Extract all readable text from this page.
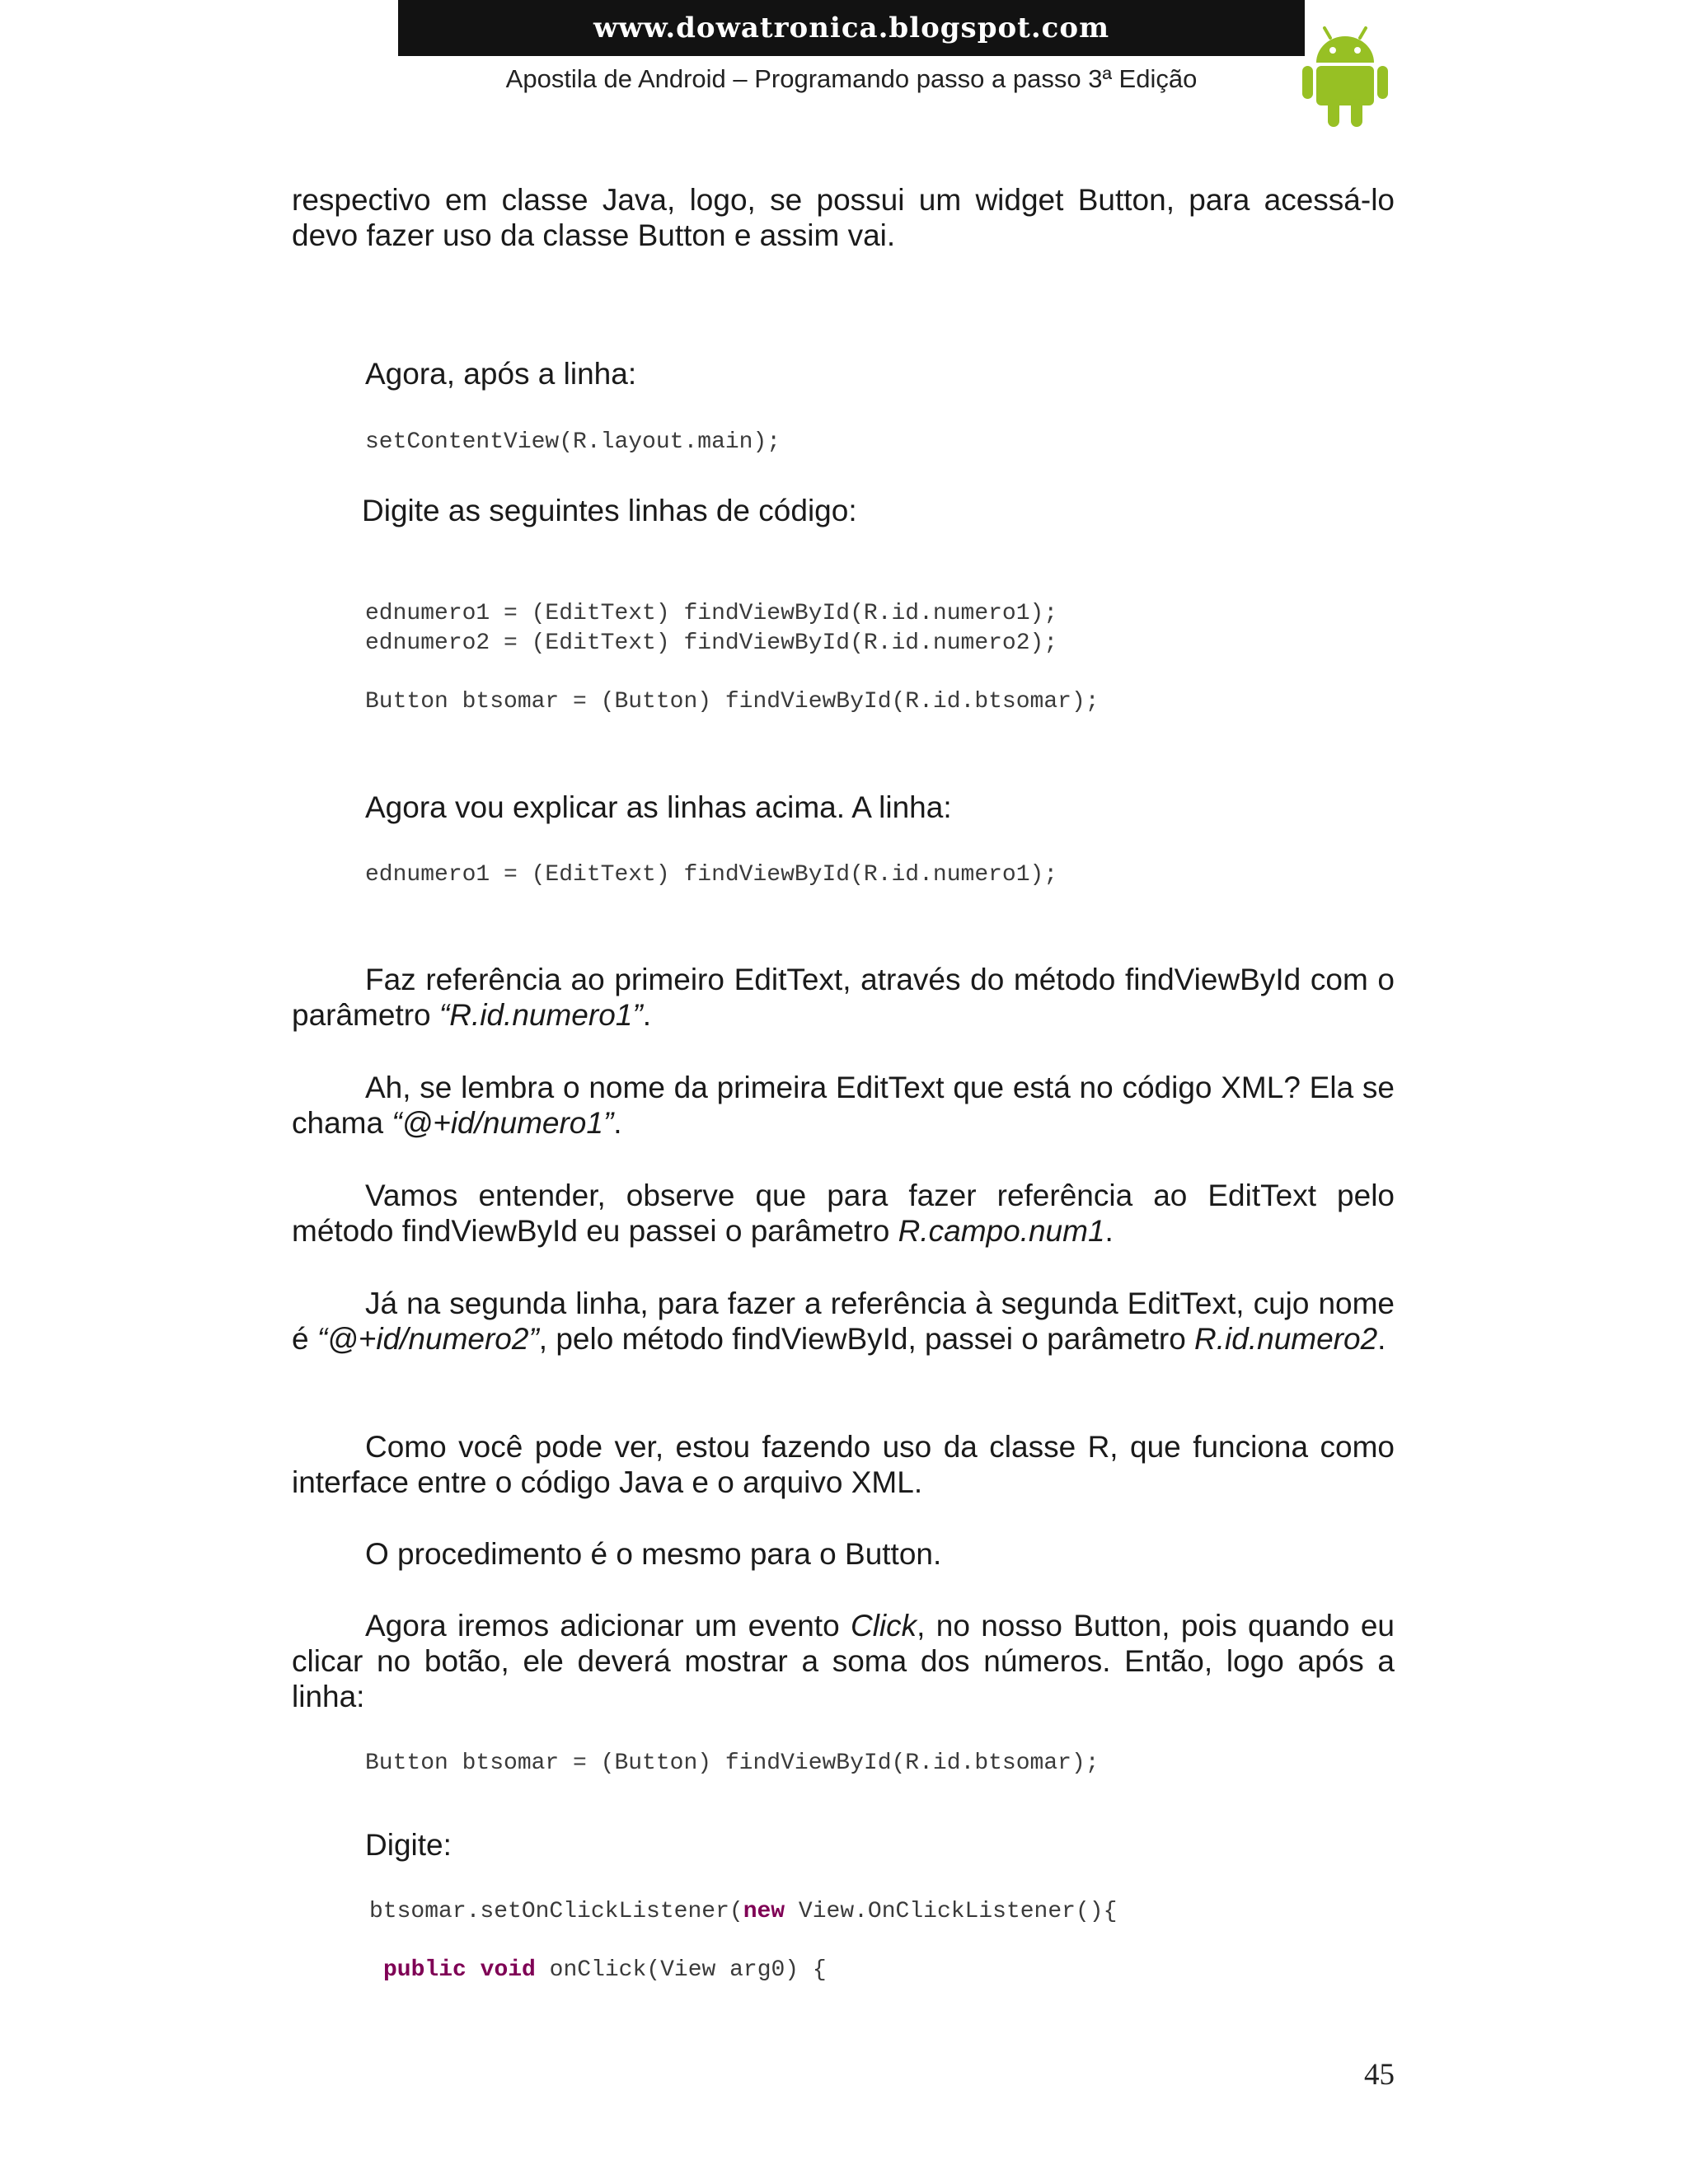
www.dowatronica.blogspot.com
Apostila de Android – Programando passo a passo 3ª Edição

respectivo em classe Java, logo, se possui um widget Button, para acessá-lo devo fazer uso da classe Button e assim vai.

Agora, após a linha:

setContentView(R.layout.main);

Digite as seguintes linhas de código:

ednumero1 = (EditText) findViewById(R.id.numero1);
ednumero2 = (EditText) findViewById(R.id.numero2);
Button btsomar = (Button) findViewById(R.id.btsomar);

Agora vou explicar as linhas acima. A linha:

ednumero1 = (EditText) findViewById(R.id.numero1);

Faz referência ao primeiro EditText, através do método findViewById com o parâmetro “R.id.numero1”.

Ah, se lembra o nome da primeira EditText que está no código XML? Ela se chama “@+id/numero1”.

Vamos entender, observe que para fazer referência ao EditText pelo método findViewById eu passei o parâmetro R.campo.num1.

Já na segunda linha, para fazer a referência à segunda EditText, cujo nome é “@+id/numero2”, pelo método findViewById, passei o parâmetro R.id.numero2.

Como você pode ver, estou fazendo uso da classe R, que funciona como interface entre o código Java e o arquivo XML.

O procedimento é o mesmo para o Button.

Agora iremos adicionar um evento Click, no nosso Button, pois quando eu clicar no botão, ele deverá mostrar a soma dos números. Então, logo após a linha:

Button btsomar = (Button) findViewById(R.id.btsomar);

Digite:

btsomar.setOnClickListener(new View.OnClickListener(){
public void onClick(View arg0) {
45
